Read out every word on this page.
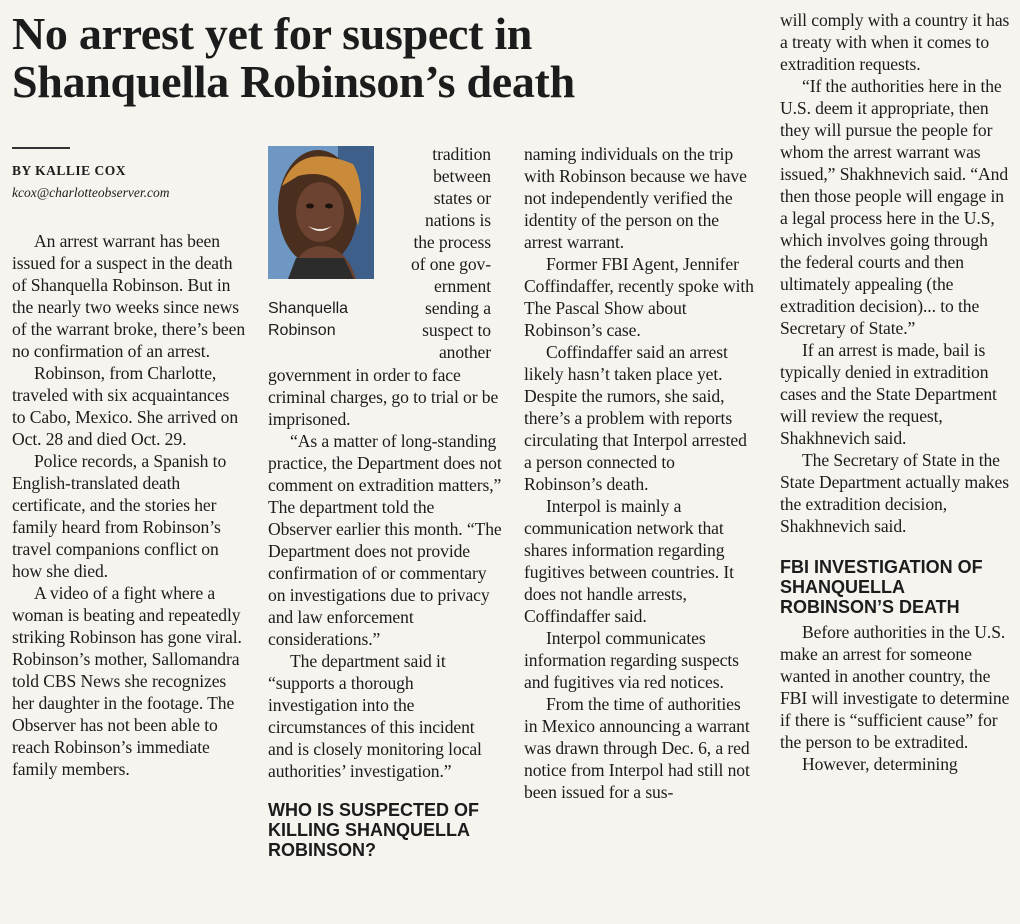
No arrest yet for suspect in Shanquella Robinson’s death
BY KALLIE COX
kcox@charlotteobserver.com

An arrest warrant has been issued for a suspect in the death of Shanquella Robinson. But in the nearly two weeks since news of the warrant broke, there’s been no confirmation of an arrest.

Robinson, from Charlotte, traveled with six acquaintances to Cabo, Mexico. She arrived on Oct. 28 and died Oct. 29.

Police records, a Spanish to English-translated death certificate, and the stories her family heard from Robinson’s travel companions conflict on how she died.

A video of a fight where a woman is beating and repeatedly striking Robinson has gone viral. Robinson’s mother, Sallomandra told CBS News she recognizes her daughter in the footage. The Observer has not been able to reach Robinson’s immediate family members.

Shanquella
Robinson

tradition

between

states or

nations is

the process

of one gov-

ernment

sending a

suspect to

another

government in order to face criminal charges, go to trial or be imprisoned.

“As a matter of long-standing practice, the Department does not comment on extradition matters,” The department told the Observer earlier this month. “The Department does not provide confirmation of or commentary on investigations due to privacy and law enforcement considerations.”

The department said it “supports a thorough investigation into the circumstances of this incident and is closely monitoring local authorities’ investigation.”

WHO IS SUSPECTED OF KILLING SHANQUELLA ROBINSON?

naming individuals on the trip with Robinson because we have not independently verified the identity of the person on the arrest warrant.

Former FBI Agent, Jennifer Coffindaffer, recently spoke with The Pascal Show about Robinson’s case.

Coffindaffer said an arrest likely hasn’t taken place yet. Despite the rumors, she said, there’s a problem with reports circulating that Interpol arrested a person connected to Robinson’s death.

Interpol is mainly a communication network that shares information regarding fugitives between countries. It does not handle arrests, Coffindaffer said.

Interpol communicates information regarding suspects and fugitives via red notices.

From the time of authorities in Mexico announcing a warrant was drawn through Dec. 6, a red notice from Interpol had still not been issued for a sus-

will comply with a country it has a treaty with when it comes to extradition requests.

“If the authorities here in the U.S. deem it appropriate, then they will pursue the people for whom the arrest warrant was issued,” Shakhnevich said. “And then those people will engage in a legal process here in the U.S, which involves going through the federal courts and then ultimately appealing (the extradition decision)... to the Secretary of State.”

If an arrest is made, bail is typically denied in extradition cases and the State Department will review the request, Shakhnevich said.

The Secretary of State in the State Department actually makes the extradition decision, Shakhnevich said.

FBI INVESTIGATION OF SHANQUELLA ROBINSON’S DEATH

Before authorities in the U.S. make an arrest for someone wanted in another country, the FBI will investigate to determine if there is “sufficient cause” for the person to be extradited.

However, determining
